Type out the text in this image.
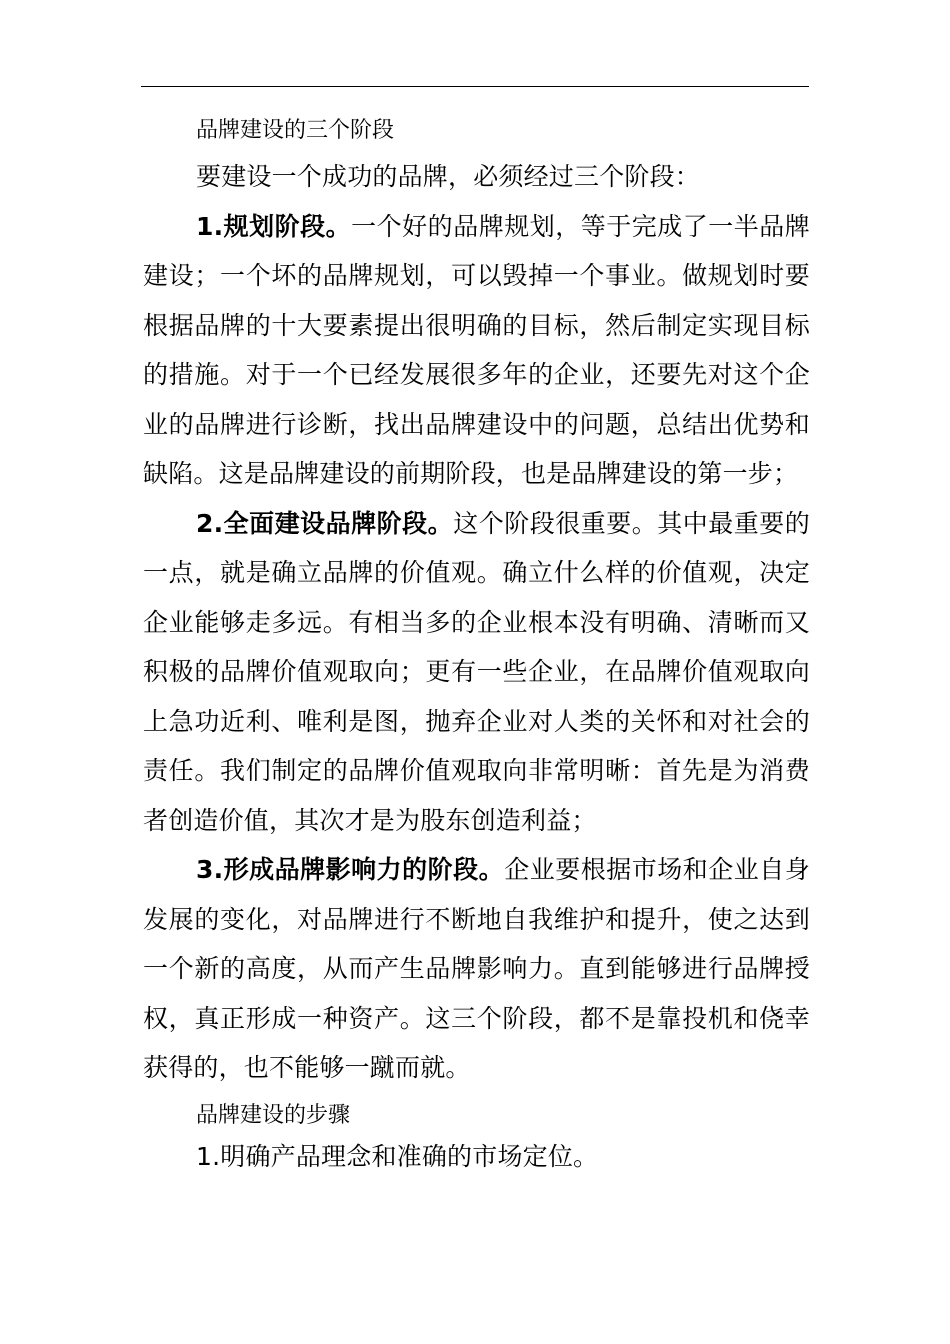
品牌建设的三个阶段

要建设一个成功的品牌，必须经过三个阶段：

1.规划阶段。一个好的品牌规划，等于完成了一半品牌建设；一个坏的品牌规划，可以毁掉一个事业。做规划时要根据品牌的十大要素提出很明确的目标，然后制定实现目标的措施。对于一个已经发展很多年的企业，还要先对这个企业的品牌进行诊断，找出品牌建设中的问题，总结出优势和缺陷。这是品牌建设的前期阶段，也是品牌建设的第一步；

2.全面建设品牌阶段。这个阶段很重要。其中最重要的一点，就是确立品牌的价值观。确立什么样的价值观，决定企业能够走多远。有相当多的企业根本没有明确、清晰而又积极的品牌价值观取向；更有一些企业，在品牌价值观取向上急功近利、唯利是图，抛弃企业对人类的关怀和对社会的责任。我们制定的品牌价值观取向非常明晰：首先是为消费者创造价值，其次才是为股东创造利益；

3.形成品牌影响力的阶段。企业要根据市场和企业自身发展的变化，对品牌进行不断地自我维护和提升，使之达到一个新的高度，从而产生品牌影响力。直到能够进行品牌授权，真正形成一种资产。这三个阶段，都不是靠投机和侥幸获得的，也不能够一蹴而就。

品牌建设的步骤

1.明确产品理念和准确的市场定位。
